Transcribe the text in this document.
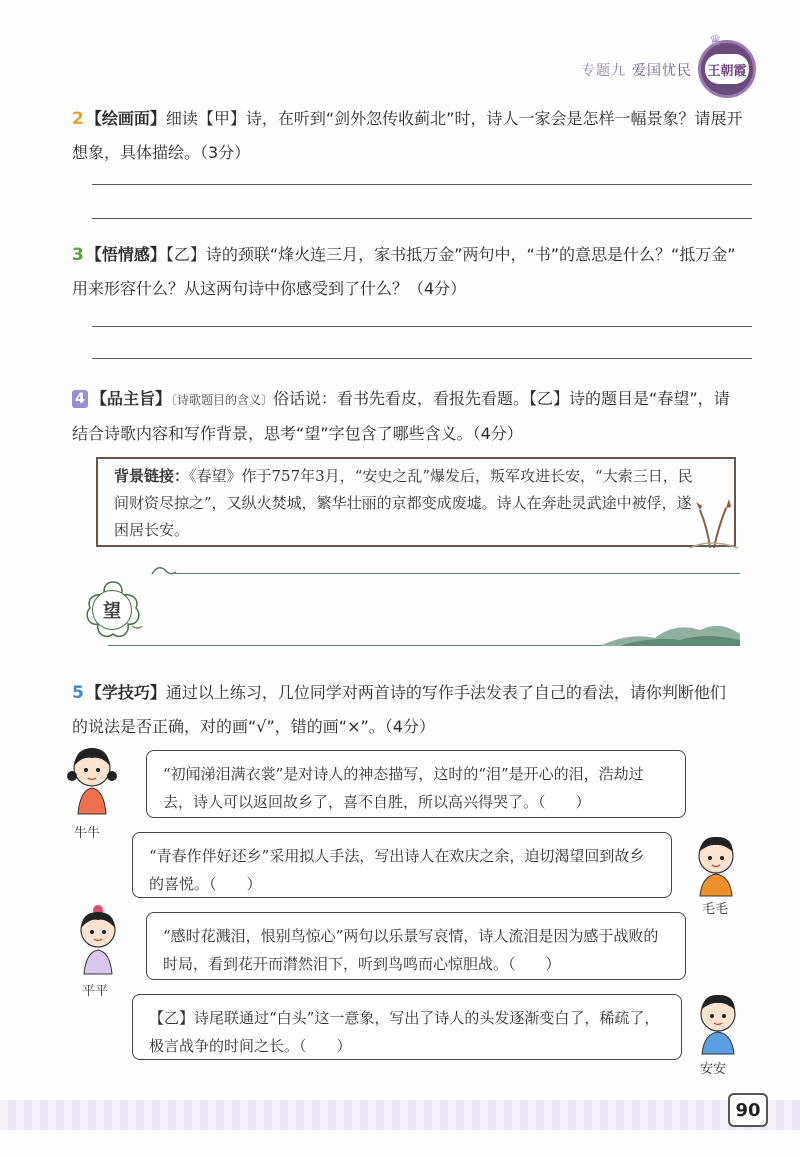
专题九 爱国忧民
♛
王朝霞
2 【绘画面】细读【甲】诗，在听到“剑外忽传收蓟北”时，诗人一家会是怎样一幅景象？请展开
想象，具体描绘。（3分）
3 【悟情感】【乙】诗的颈联“烽火连三月，家书抵万金”两句中，“书”的意思是什么？“抵万金”
用来形容什么？从这两句诗中你感受到了什么？（4分）
4 【品主旨】〔诗歌题目的含义〕俗话说：看书先看皮，看报先看题。【乙】诗的题目是“春望”，请
结合诗歌内容和写作背景，思考“望”字包含了哪些含义。（4分）
背景链接：《春望》作于757年3月，“安史之乱”爆发后，叛军攻进长安，“大索三日，民间财资尽掠之”，又纵火焚城，繁华壮丽的京都变成废墟。诗人在奔赴灵武途中被俘，遂困居长安。
望
5 【学技巧】通过以上练习，几位同学对两首诗的写作手法发表了自己的看法，请你判断他们
的说法是否正确，对的画“√”，错的画“×”。（4分）
牛牛
“初闻涕泪满衣裳”是对诗人的神态描写，这时的“泪”是开心的泪，浩劫过去，诗人可以返回故乡了，喜不自胜，所以高兴得哭了。（　　）
“青春作伴好还乡”采用拟人手法，写出诗人在欢庆之余，迫切渴望回到故乡的喜悦。（　　）
毛毛
平平
“感时花溅泪，恨别鸟惊心”两句以乐景写哀情，诗人流泪是因为感于战败的时局，看到花开而潸然泪下，听到鸟鸣而心惊胆战。（　　）
【乙】诗尾联通过“白头”这一意象，写出了诗人的头发逐渐变白了，稀疏了，极言战争的时间之长。（　　）
安安
90
